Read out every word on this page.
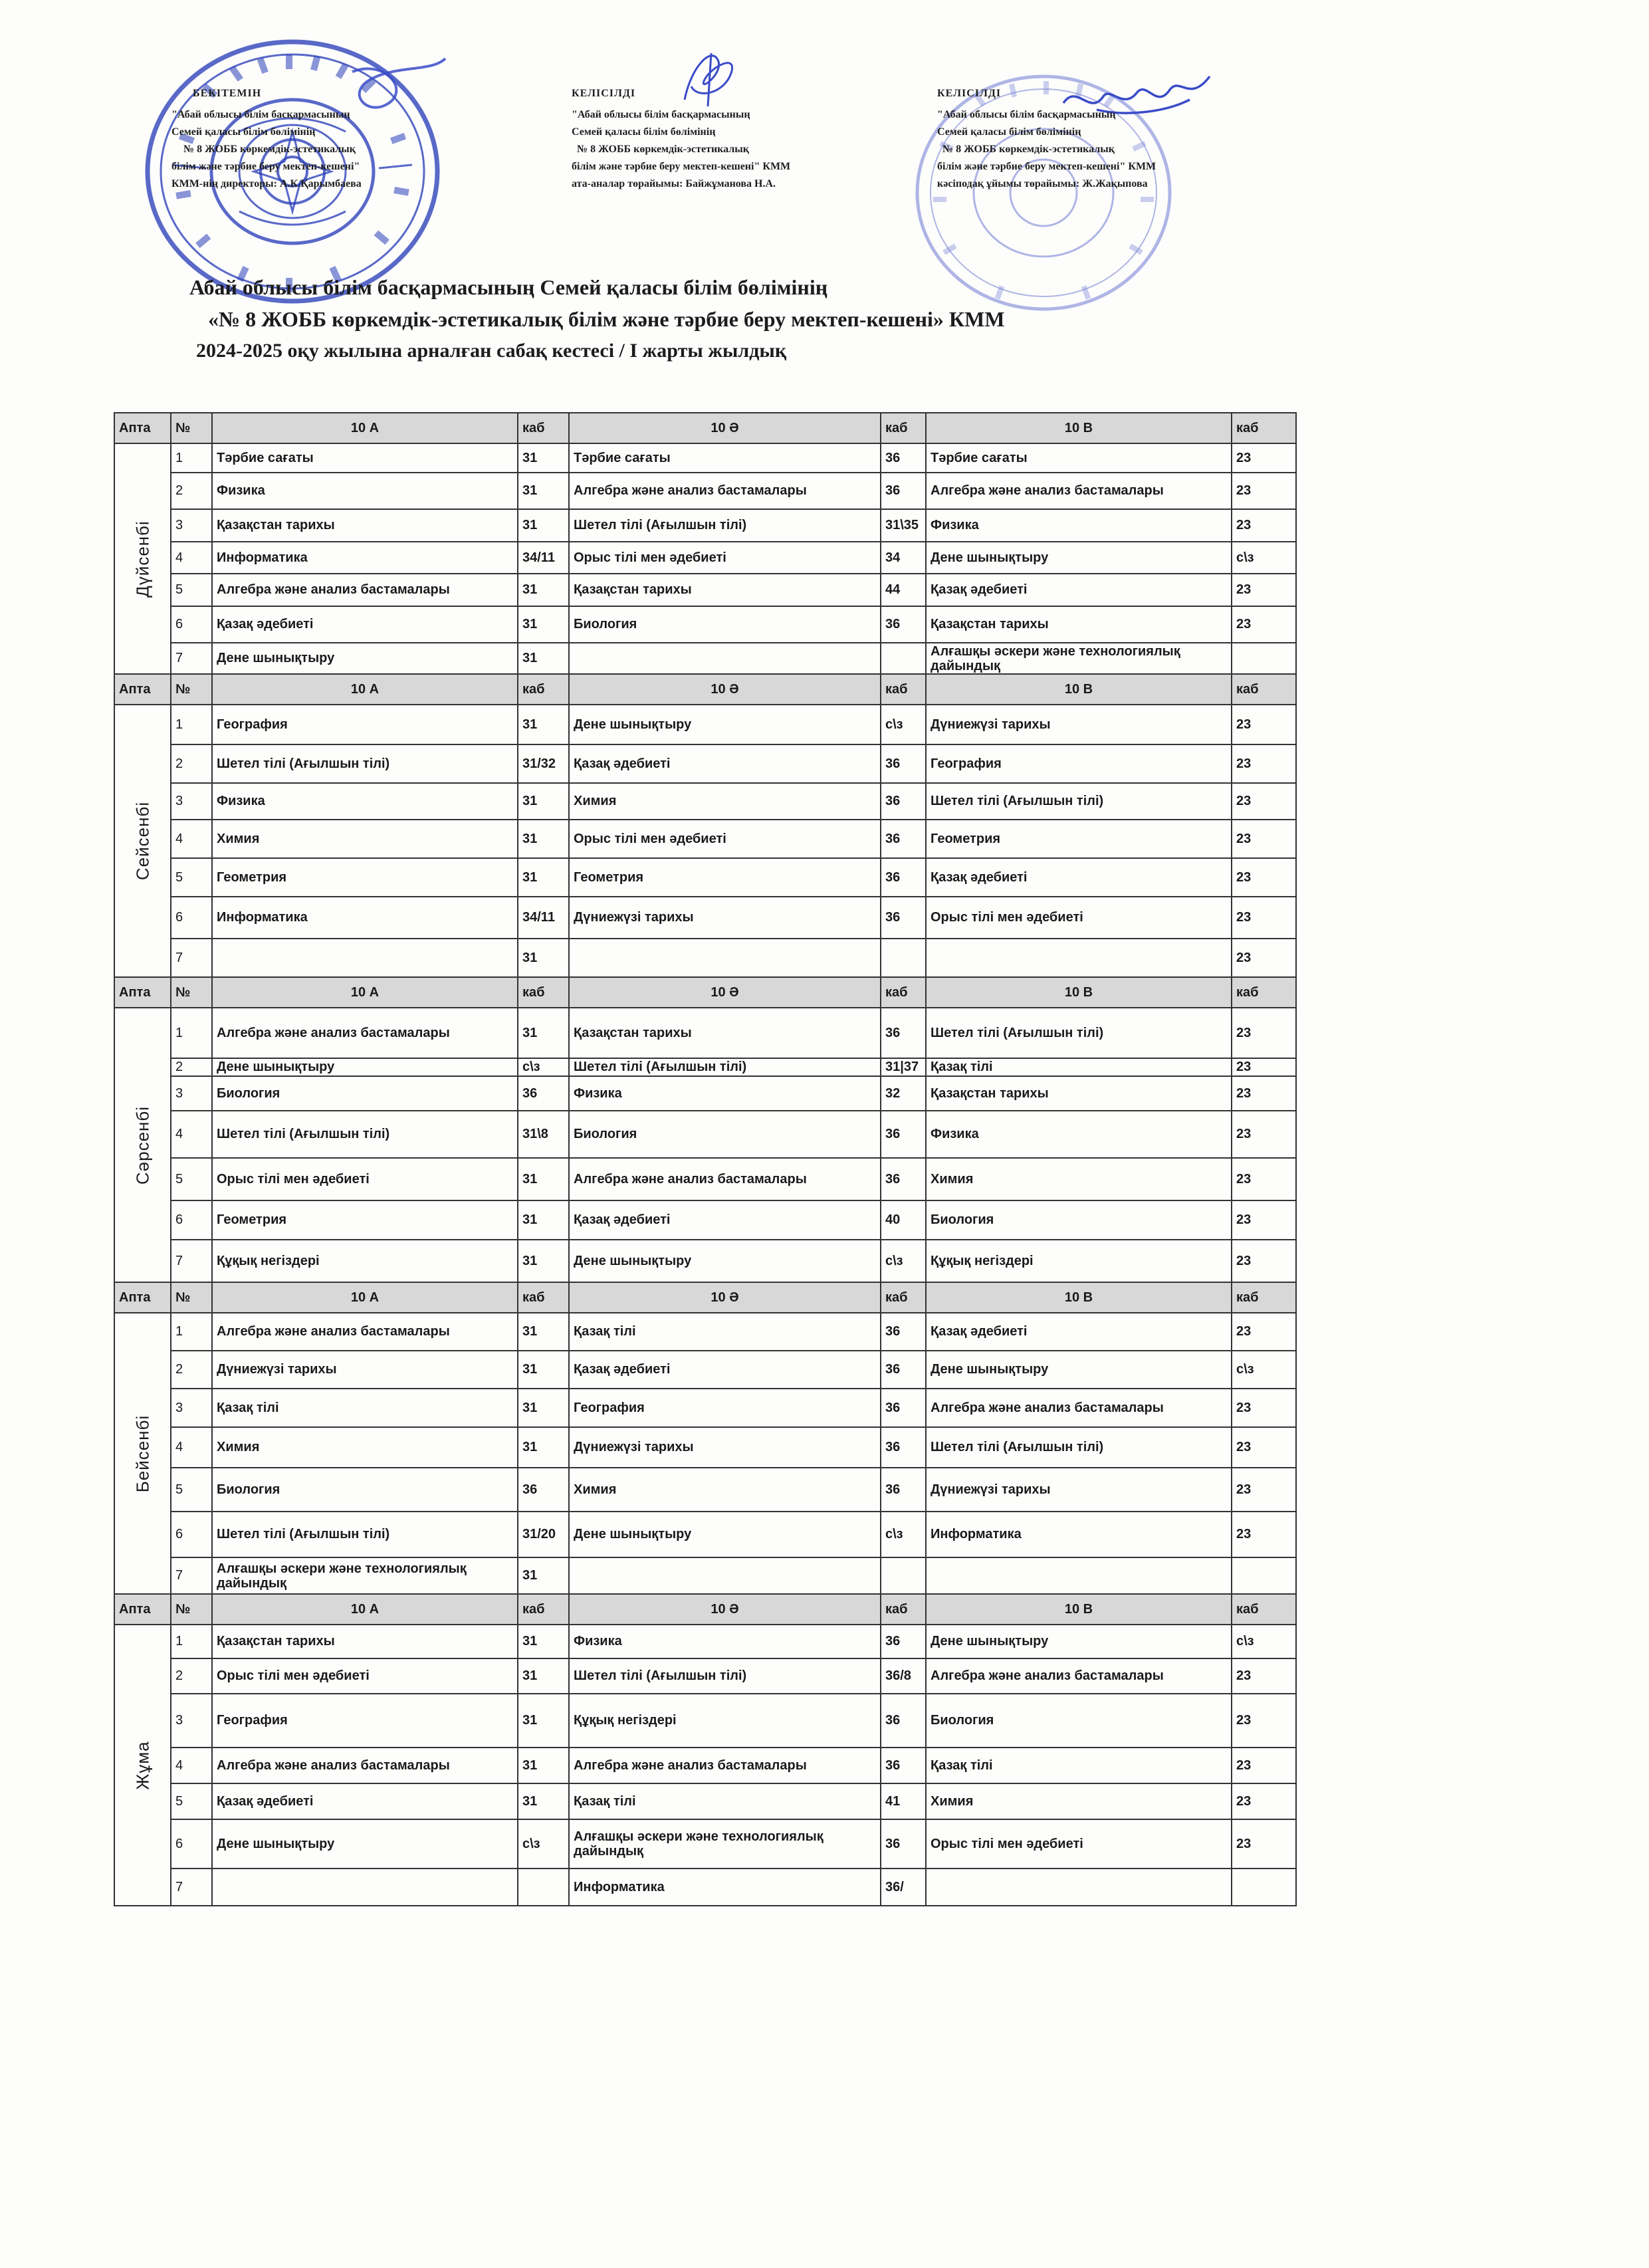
БЕКІТЕМІН
"Абай облысы білім басқармасының
Семей қаласы білім бөлімінің
№ 8 ЖОББ көркемдік-эстетикалық
білім және тәрбие беру мектеп-кешені"
КММ-нің директоры: А.К.Қарымбаева
КЕЛІСІЛДІ
"Абай облысы білім басқармасының
Семей қаласы білім бөлімінің
№ 8 ЖОББ көркемдік-эстетикалық
білім және тәрбие беру мектеп-кешені" КММ
ата-аналар төрайымы: Байжұманова Н.А.
КЕЛІСІЛДІ
"Абай облысы білім басқармасының
Семей қаласы білім бөлімінің
№ 8 ЖОББ көркемдік-эстетикалық
білім және тәрбие беру мектеп-кешені" КММ
кәсіподақ ұйымы төрайымы: Ж.Жақыпова
Абай облысы білім басқармасының Семей қаласы білім бөлімінің
«№ 8 ЖОББ көркемдік-эстетикалық білім және тәрбие беру мектеп-кешені» КММ
2024-2025 оқу жылына арналған сабақ кестесі / І жарты жылдық
Апта	№	10 А	каб	10 Ә	каб	10 В	каб

Дүйсенбі	1	Тәрбие сағаты	31	Тәрбие сағаты	36	Тәрбие сағаты	23
	2	Физика	31	Алгебра және анализ бастамалары	36	Алгебра және анализ бастамалары	23
	3	Қазақстан тарихы	31	Шетел тілі (Ағылшын тілі)	31\35	Физика	23
	4	Информатика	34/11	Орыс тілі мен әдебиеті	34	Дене шынықтыру	с\з
	5	Алгебра және анализ бастамалары	31	Қазақстан тарихы	44	Қазақ әдебиеті	23
	6	Қазақ әдебиеті	31	Биология	36	Қазақстан тарихы	23
	7	Дене шынықтыру	31			Алғашқы әскери және технологиялық дайындық	
Апта	№	10 А	каб	10 Ә	каб	10 В	каб

Сейсенбі	1	География	31	Дене шынықтыру	с\з	Дүниежүзі тарихы	23
	2	Шетел тілі (Ағылшын тілі)	31/32	Қазақ әдебиеті	36	География	23
	3	Физика	31	Химия	36	Шетел тілі (Ағылшын тілі)	23
	4	Химия	31	Орыс тілі мен әдебиеті	36	Геометрия	23
	5	Геометрия	31	Геометрия	36	Қазақ әдебиеті	23
	6	Информатика	34/11	Дүниежүзі тарихы	36	Орыс тілі мен әдебиеті	23
	7		31				23
Апта	№	10 А	каб	10 Ә	каб	10 В	каб

Сәрсенбі	1	Алгебра және анализ бастамалары	31	Қазақстан тарихы	36	Шетел тілі (Ағылшын тілі)	23
	2	Дене шынықтыру	с\з	Шетел тілі (Ағылшын тілі)	31|37	Қазақ тілі	23
	3	Биология	36	Физика	32	Қазақстан тарихы	23
	4	Шетел тілі (Ағылшын тілі)	31\8	Биология	36	Физика	23
	5	Орыс тілі мен әдебиеті	31	Алгебра және анализ бастамалары	36	Химия	23
	6	Геометрия	31	Қазақ әдебиеті	40	Биология	23
	7	Құқық негіздері	31	Дене шынықтыру	с\з	Құқық негіздері	23
Апта	№	10 А	каб	10 Ә	каб	10 В	каб

Бейсенбі	1	Алгебра және анализ бастамалары	31	Қазақ тілі	36	Қазақ әдебиеті	23
	2	Дүниежүзі тарихы	31	Қазақ әдебиеті	36	Дене шынықтыру	с\з
	3	Қазақ тілі	31	География	36	Алгебра және анализ бастамалары	23
	4	Химия	31	Дүниежүзі тарихы	36	Шетел тілі (Ағылшын тілі)	23
	5	Биология	36	Химия	36	Дүниежүзі тарихы	23
	6	Шетел тілі (Ағылшын тілі)	31/20	Дене шынықтыру	с\з	Информатика	23
	7	Алғашқы әскери және технологиялық дайындық	31				
Апта	№	10 А	каб	10 Ә	каб	10 В	каб

Жұма	1	Қазақстан тарихы	31	Физика	36	Дене шынықтыру	с\з
	2	Орыс тілі мен әдебиеті	31	Шетел тілі (Ағылшын тілі)	36/8	Алгебра және анализ бастамалары	23
	3	География	31	Құқық негіздері	36	Биология	23
	4	Алгебра және анализ бастамалары	31	Алгебра және анализ бастамалары	36	Қазақ тілі	23
	5	Қазақ әдебиеті	31	Қазақ тілі	41	Химия	23
	6	Дене шынықтыру	с\з	Алғашқы әскери және технологиялық дайындық	36	Орыс тілі мен әдебиеті	23
	7			Информатика	36/		
